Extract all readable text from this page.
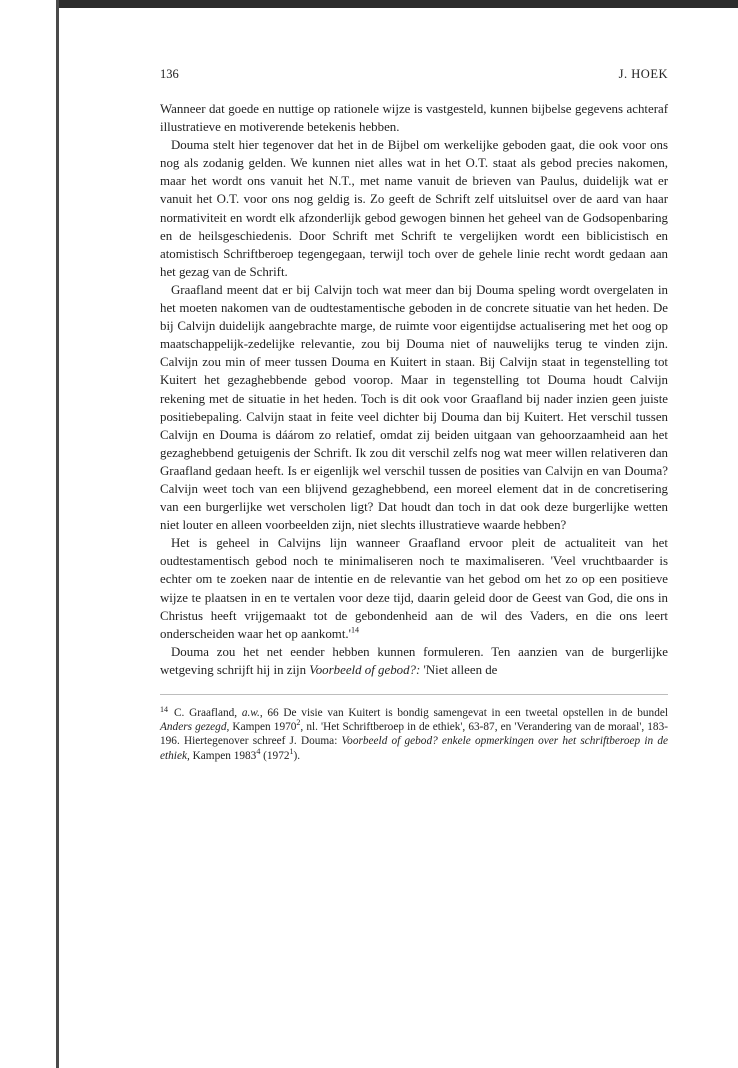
136	J. HOEK

Wanneer dat goede en nuttige op rationele wijze is vastgesteld, kunnen bijbelse gegevens achteraf illustratieve en motiverende betekenis hebben.

Douma stelt hier tegenover dat het in de Bijbel om werkelijke geboden gaat, die ook voor ons nog als zodanig gelden. We kunnen niet alles wat in het O.T. staat als gebod precies nakomen, maar het wordt ons vanuit het N.T., met name vanuit de brieven van Paulus, duidelijk wat er vanuit het O.T. voor ons nog geldig is. Zo geeft de Schrift zelf uitsluitsel over de aard van haar normativiteit en wordt elk afzonderlijk gebod gewogen binnen het geheel van de Godsopenbaring en de heilsgeschiedenis. Door Schrift met Schrift te vergelijken wordt een biblicistisch en atomistisch Schriftberoep tegengegaan, terwijl toch over de gehele linie recht wordt gedaan aan het gezag van de Schrift.

Graafland meent dat er bij Calvijn toch wat meer dan bij Douma speling wordt overgelaten in het moeten nakomen van de oudtestamentische geboden in de concrete situatie van het heden. De bij Calvijn duidelijk aangebrachte marge, de ruimte voor eigentijdse actualisering met het oog op maatschappelijk-zedelijke relevantie, zou bij Douma niet of nauwelijks terug te vinden zijn. Calvijn zou min of meer tussen Douma en Kuitert in staan. Bij Calvijn staat in tegenstelling tot Kuitert het gezaghebbende gebod voorop. Maar in tegenstelling tot Douma houdt Calvijn rekening met de situatie in het heden. Toch is dit ook voor Graafland bij nader inzien geen juiste positiebepaling. Calvijn staat in feite veel dichter bij Douma dan bij Kuitert. Het verschil tussen Calvijn en Douma is dáárom zo relatief, omdat zij beiden uitgaan van gehoorzaamheid aan het gezaghebbend getuigenis der Schrift. Ik zou dit verschil zelfs nog wat meer willen relativeren dan Graafland gedaan heeft. Is er eigenlijk wel verschil tussen de posities van Calvijn en van Douma? Calvijn weet toch van een blijvend gezaghebbend, een moreel element dat in de concretisering van een burgerlijke wet verscholen ligt? Dat houdt dan toch in dat ook deze burgerlijke wetten niet louter en alleen voorbeelden zijn, niet slechts illustratieve waarde hebben?

Het is geheel in Calvijns lijn wanneer Graafland ervoor pleit de actualiteit van het oudtestamentisch gebod noch te minimaliseren noch te maximaliseren. 'Veel vruchtbaarder is echter om te zoeken naar de intentie en de relevantie van het gebod om het zo op een positieve wijze te plaatsen in en te vertalen voor deze tijd, daarin geleid door de Geest van God, die ons in Christus heeft vrijgemaakt tot de gebondenheid aan de wil des Vaders, en die ons leert onderscheiden waar het op $aankomt.'^{14}$

Douma zou het net eender hebben kunnen formuleren. Ten aanzien van de burgerlijke wetgeving schrijft hij in zijn Voorbeeld of gebod?: 'Niet alleen de

$^{14}$ C. Graafland, a.w., 66 De visie van Kuitert is bondig samengevat in een tweetal opstellen in de bundel Anders gezegd, Kampen 1970$^2$, nl. 'Het Schriftberoep in de ethiek', 63-87, en 'Verandering van de moraal', 183-196. Hiertegenover schreef J. Douma: Voorbeeld of gebod? enkele opmerkingen over het schriftberoep in de ethiek, Kampen 1983$^4$ (1972$^1$).
